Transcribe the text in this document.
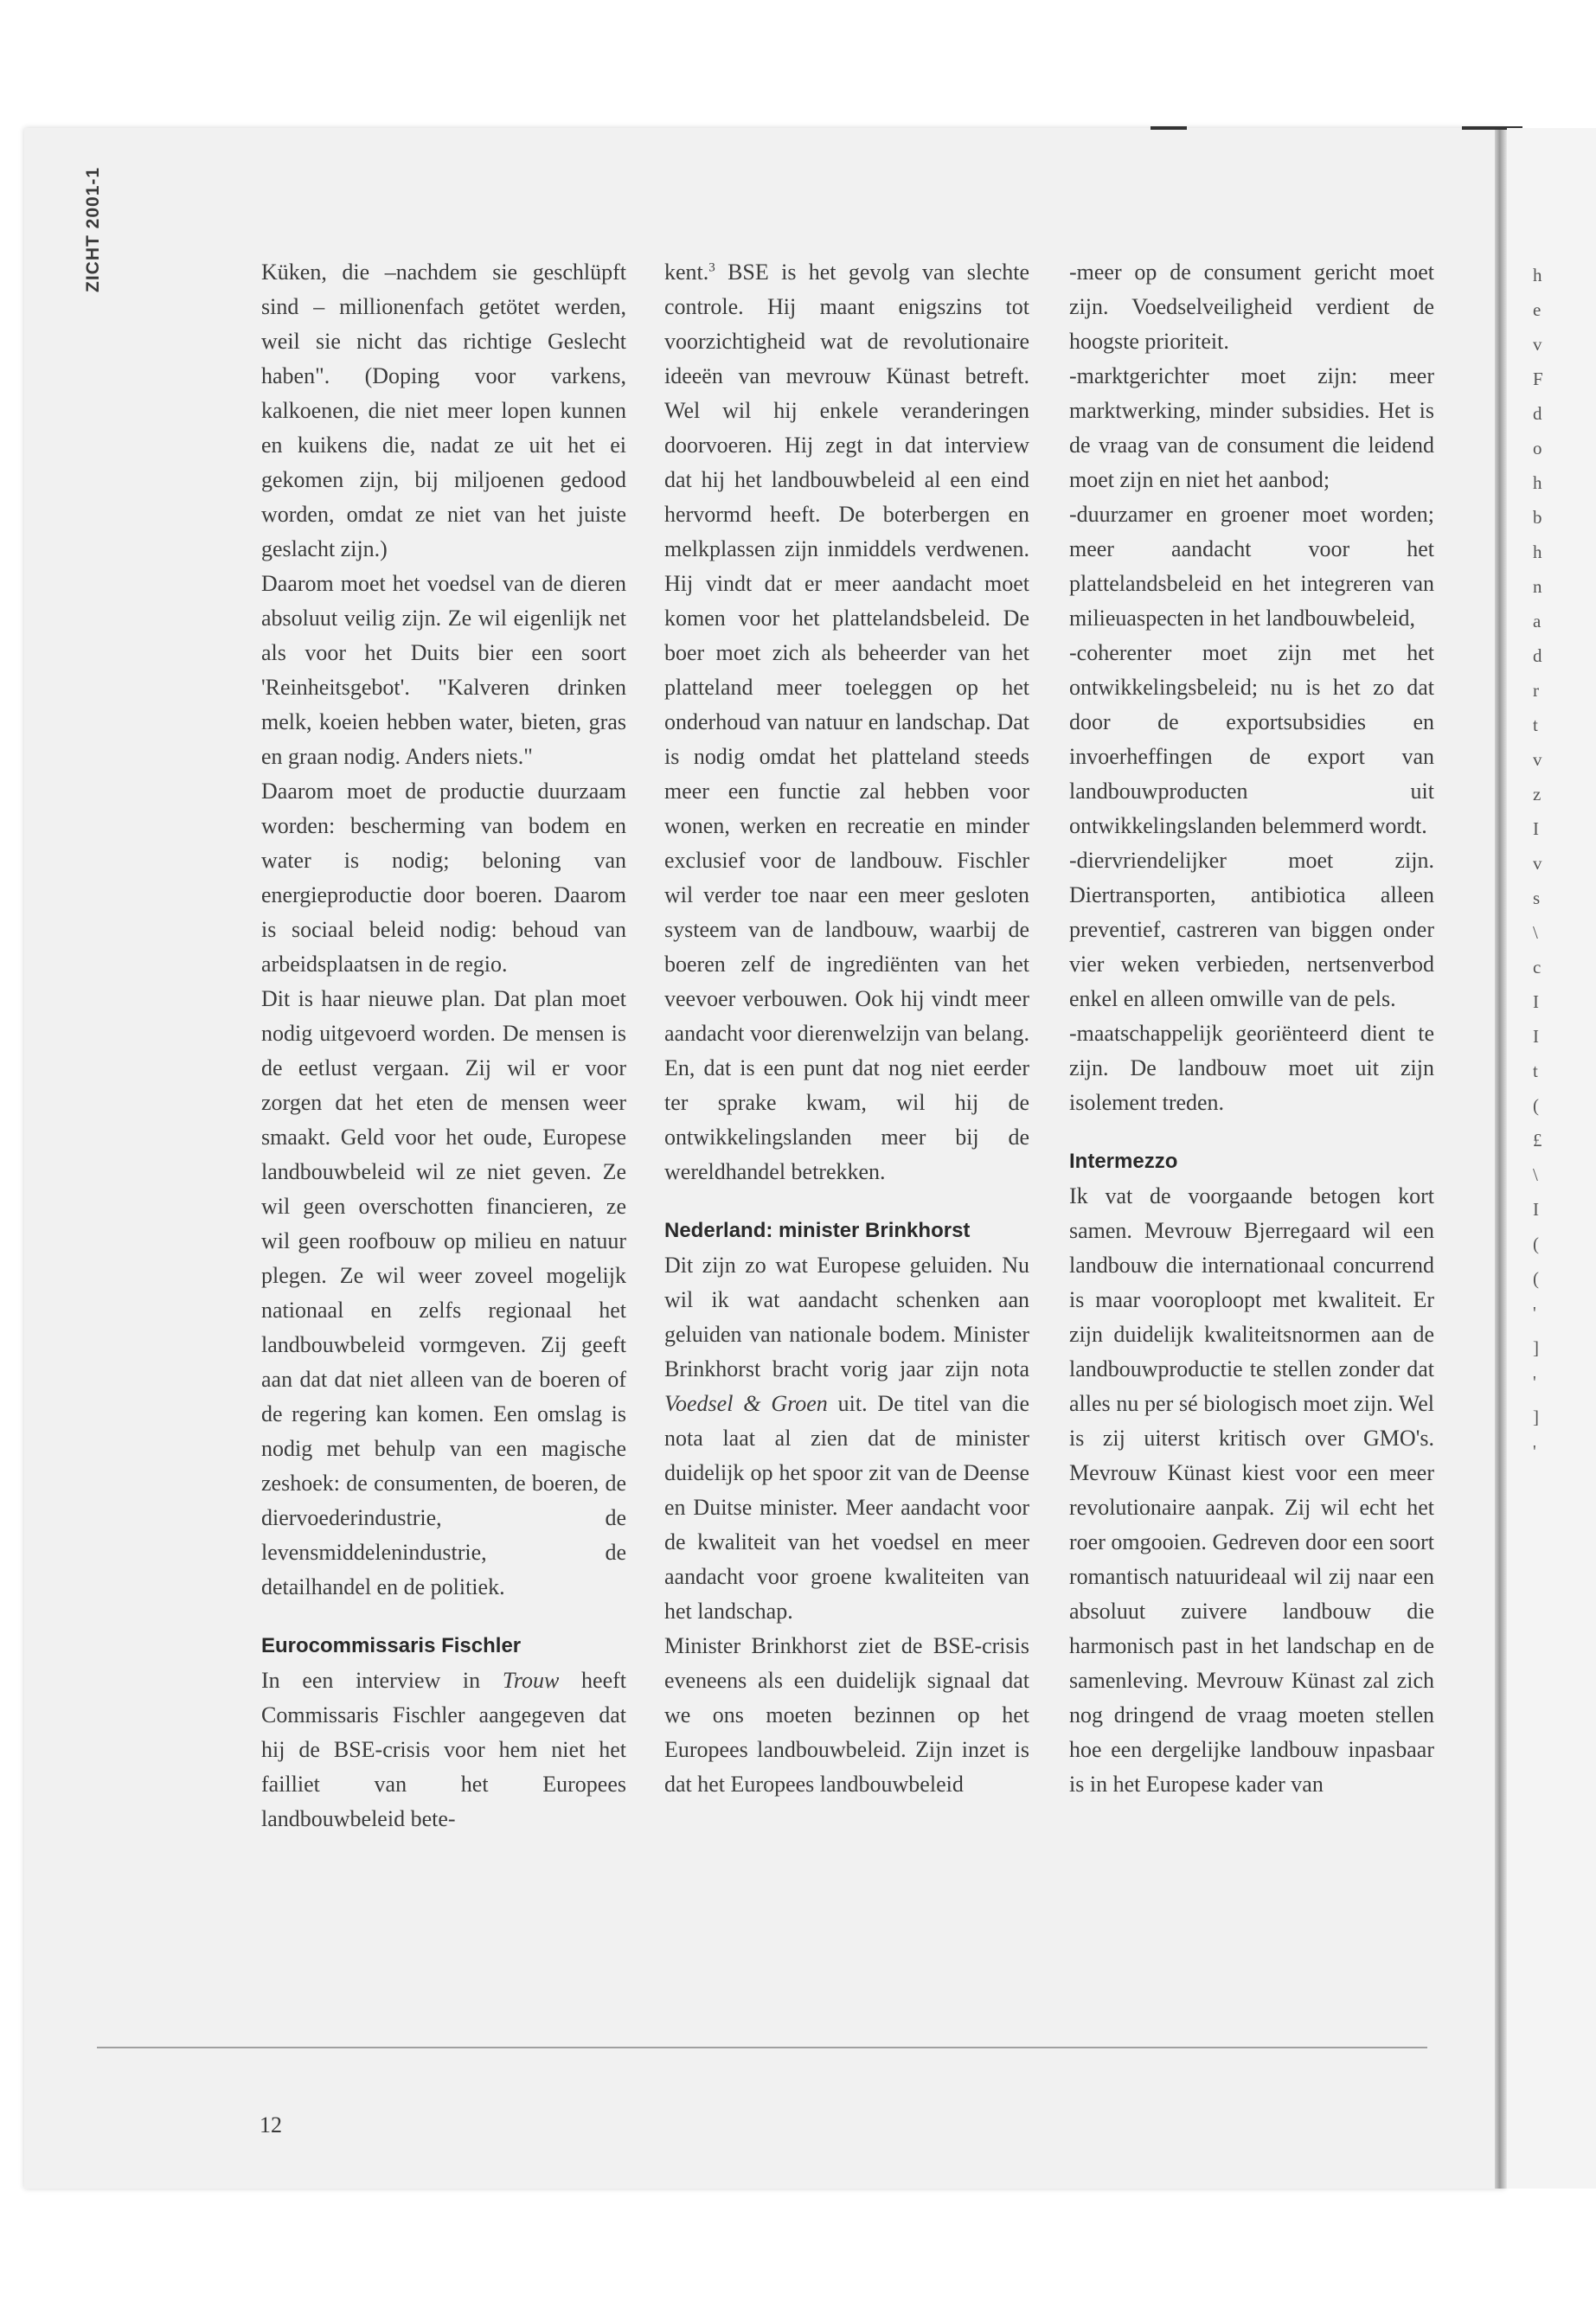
h
e
v
F
d
o
h
b
h
n
a
d
r
t
v
z
I
v
s
\
c
I
I
t
(
£
\
I
(
(
'
]
'
]
'
ZICHT 2001-1	Küken, die –nachdem sie geschlüpft sind – millionenfach getötet werden, weil sie nicht das richtige Geslecht haben". (Doping voor varkens, kalkoenen, die niet meer lopen kunnen en kuikens die, nadat ze uit het ei gekomen zijn, bij miljoenen gedood worden, omdat ze niet van het juiste geslacht zijn.)

Daarom moet het voedsel van de dieren absoluut veilig zijn. Ze wil eigenlijk net als voor het Duits bier een soort 'Reinheitsgebot'. "Kalveren drinken melk, koeien hebben water, bieten, gras en graan nodig. Anders niets."

Daarom moet de productie duurzaam worden: bescherming van bodem en water is nodig; beloning van energieproductie door boeren. Daarom is sociaal beleid nodig: behoud van arbeidsplaatsen in de regio.

Dit is haar nieuwe plan. Dat plan moet nodig uitgevoerd worden. De mensen is de eetlust vergaan. Zij wil er voor zorgen dat het eten de mensen weer smaakt. Geld voor het oude, Europese landbouwbeleid wil ze niet geven. Ze wil geen overschotten financieren, ze wil geen roofbouw op milieu en natuur plegen. Ze wil weer zoveel mogelijk nationaal en zelfs regionaal het landbouwbeleid vormgeven. Zij geeft aan dat dat niet alleen van de boeren of de regering kan komen. Een omslag is nodig met behulp van een magische zeshoek: de consumenten, de boeren, de diervoederindustrie, de levensmiddelenindustrie, de detailhandel en de politiek.

Eurocommissaris Fischler

In een interview in Trouw heeft Commissaris Fischler aangegeven dat hij de BSE-crisis voor hem niet het failliet van het Europees landbouwbeleid bete-

kent.$^3$ BSE is het gevolg van slechte controle. Hij maant enigszins tot voorzichtigheid wat de revolutionaire ideeën van mevrouw Künast betreft. Wel wil hij enkele veranderingen doorvoeren. Hij zegt in dat interview dat hij het landbouwbeleid al een eind hervormd heeft. De boterbergen en melkplassen zijn inmiddels verdwenen. Hij vindt dat er meer aandacht moet komen voor het plattelandsbeleid. De boer moet zich als beheerder van het platteland meer toeleggen op het onderhoud van natuur en landschap. Dat is nodig omdat het platteland steeds meer een functie zal hebben voor wonen, werken en recreatie en minder exclusief voor de landbouw. Fischler wil verder toe naar een meer gesloten systeem van de landbouw, waarbij de boeren zelf de ingrediënten van het veevoer verbouwen. Ook hij vindt meer aandacht voor dierenwelzijn van belang. En, dat is een punt dat nog niet eerder ter sprake kwam, wil hij de ontwikkelingslanden meer bij de wereldhandel betrekken.

Nederland: minister Brinkhorst

Dit zijn zo wat Europese geluiden. Nu wil ik wat aandacht schenken aan geluiden van nationale bodem. Minister Brinkhorst bracht vorig jaar zijn nota Voedsel & Groen uit. De titel van die nota laat al zien dat de minister duidelijk op het spoor zit van de Deense en Duitse minister. Meer aandacht voor de kwaliteit van het voedsel en meer aandacht voor groene kwaliteiten van het landschap.

Minister Brinkhorst ziet de BSE-crisis eveneens als een duidelijk signaal dat we ons moeten bezinnen op het Europees landbouwbeleid. Zijn inzet is dat het Europees landbouwbeleid

-meer op de consument gericht moet zijn. Voedselveiligheid verdient de hoogste prioriteit.

-marktgerichter moet zijn: meer marktwerking, minder subsidies. Het is de vraag van de consument die leidend moet zijn en niet het aanbod;

-duurzamer en groener moet worden; meer aandacht voor het plattelandsbeleid en het integreren van milieuaspecten in het landbouwbeleid,

-coherenter moet zijn met het ontwikkelingsbeleid; nu is het zo dat door de exportsubsidies en invoerheffingen de export van landbouwproducten uit ontwikkelingslanden belemmerd wordt.

-diervriendelijker moet zijn. Diertransporten, antibiotica alleen preventief, castreren van biggen onder vier weken verbieden, nertsenverbod enkel en alleen omwille van de pels.

-maatschappelijk georiënteerd dient te zijn. De landbouw moet uit zijn isolement treden.

Intermezzo

Ik vat de voorgaande betogen kort samen. Mevrouw Bjerregaard wil een landbouw die internationaal concurrend is maar vooroploopt met kwaliteit. Er zijn duidelijk kwaliteitsnormen aan de landbouwproductie te stellen zonder dat alles nu per sé biologisch moet zijn. Wel is zij uiterst kritisch over GMO's. Mevrouw Künast kiest voor een meer revolutionaire aanpak. Zij wil echt het roer omgooien. Gedreven door een soort romantisch natuurideaal wil zij naar een absoluut zuivere landbouw die harmonisch past in het landschap en de samenleving. Mevrouw Künast zal zich nog dringend de vraag moeten stellen hoe een dergelijke landbouw inpasbaar is in het Europese kader van

12
